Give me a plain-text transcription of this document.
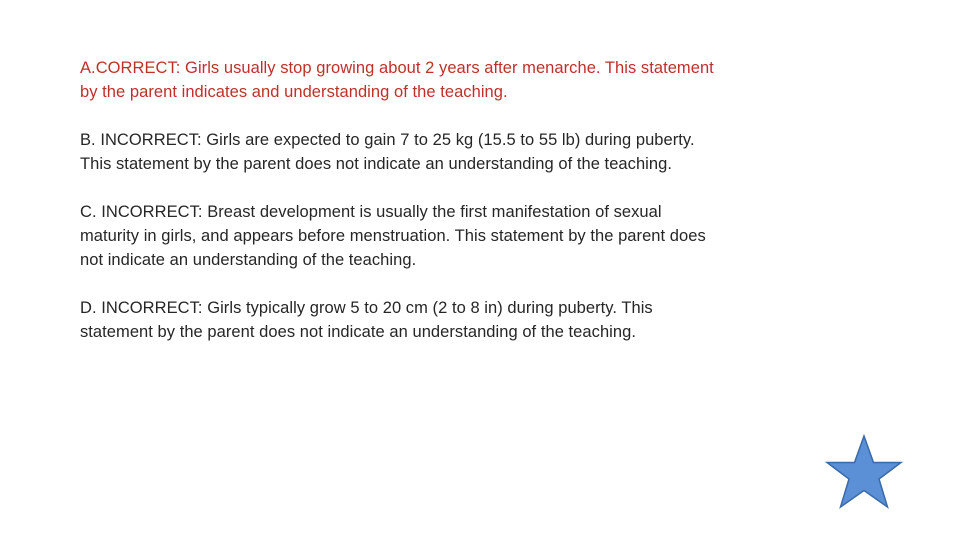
A.CORRECT: Girls usually stop growing about 2 years after menarche. This statement by the parent indicates and understanding of the teaching.

B. INCORRECT: Girls are expected to gain 7 to 25 kg (15.5 to 55 lb) during puberty. This statement by the parent does not indicate an understanding of the teaching.

C. INCORRECT: Breast development is usually the first manifestation of sexual maturity in girls, and appears before menstruation. This statement by the parent does not indicate an understanding of the teaching.

D. INCORRECT: Girls typically grow 5 to 20 cm (2 to 8 in) during puberty. This statement by the parent does not indicate an understanding of the teaching.
